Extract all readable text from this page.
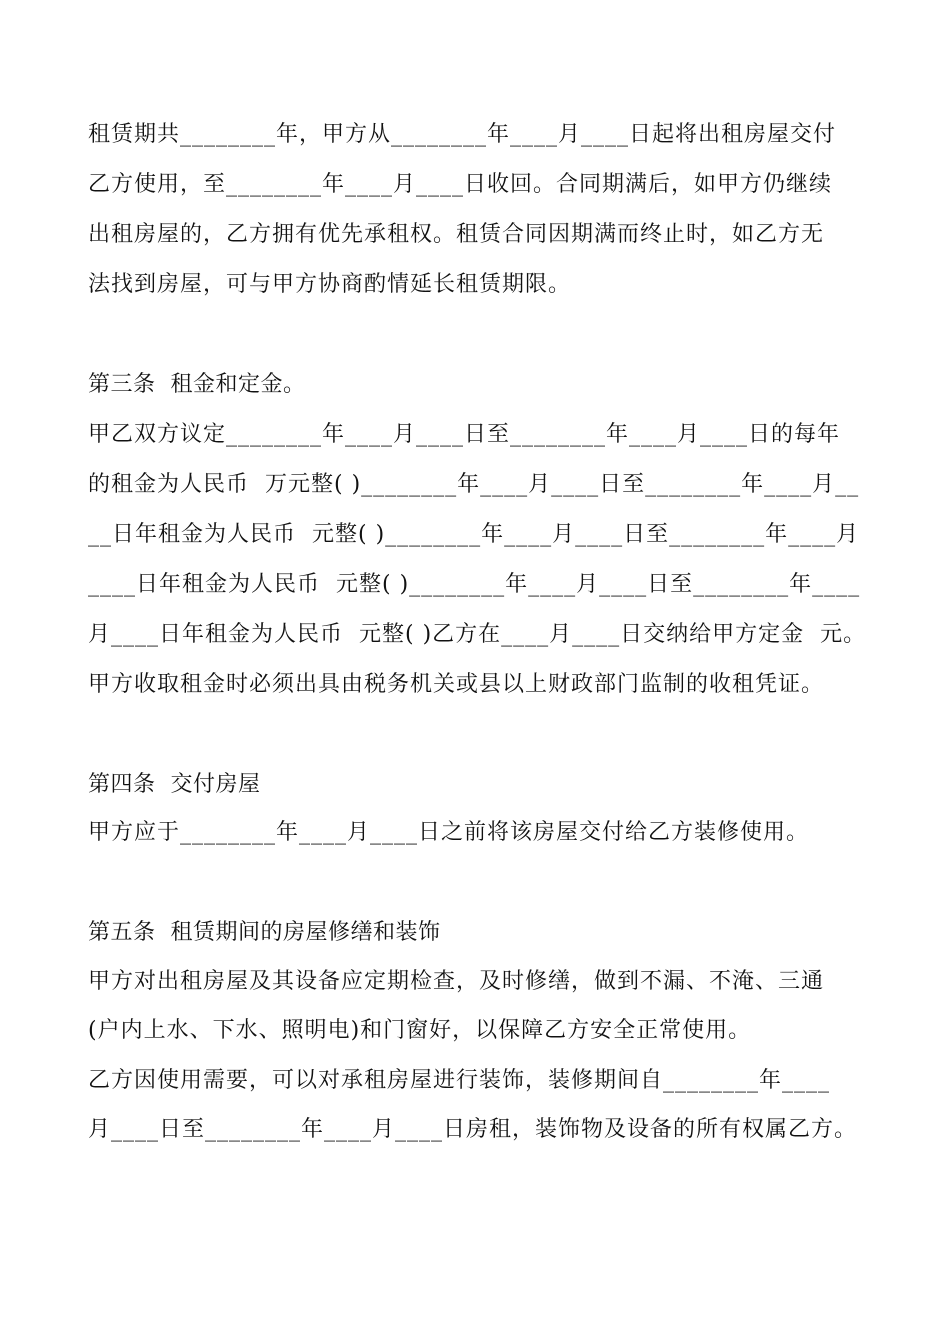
租赁期共________年，甲方从________年____月____日起将出租房屋交付
乙方使用，至________年____月____日收回。合同期满后，如甲方仍继续
出租房屋的，乙方拥有优先承租权。租赁合同因期满而终止时，如乙方无
法找到房屋，可与甲方协商酌情延长租赁期限。
第三条  租金和定金。
甲乙双方议定________年____月____日至________年____月____日的每年
的租金为人民币  万元整( )________年____月____日至________年____月__
__日年租金为人民币  元整( )________年____月____日至________年____月
____日年租金为人民币  元整( )________年____月____日至________年____
月____日年租金为人民币  元整( )乙方在____月____日交纳给甲方定金  元。
甲方收取租金时必须出具由税务机关或县以上财政部门监制的收租凭证。
第四条  交付房屋
甲方应于________年____月____日之前将该房屋交付给乙方装修使用。
第五条  租赁期间的房屋修缮和装饰
甲方对出租房屋及其设备应定期检查，及时修缮，做到不漏、不淹、三通
(户内上水、下水、照明电)和门窗好，以保障乙方安全正常使用。
乙方因使用需要，可以对承租房屋进行装饰，装修期间自________年____
月____日至________年____月____日房租，装饰物及设备的所有权属乙方。
